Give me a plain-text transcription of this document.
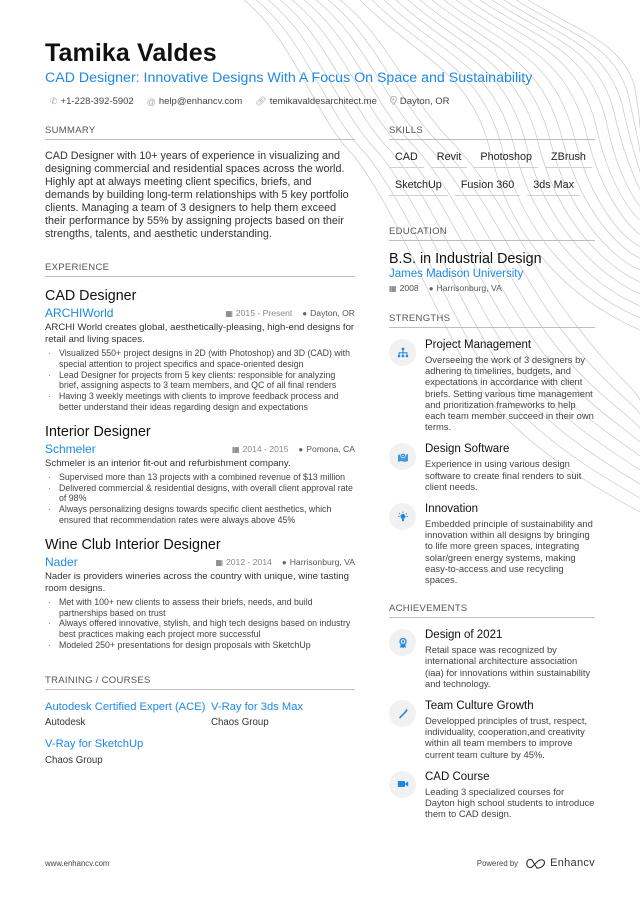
Tamika Valdes
CAD Designer: Innovative Designs With A Focus On Space and Sustainability
✆ +1-228-392-5902 @ help@enhancv.com 🔗︎ temikavaldesarchitect.me Dayton, OR
SUMMARY

CAD Designer with 10+ years of experience in visualizing and designing commercial and residential spaces across the world. Highly apt at always meeting client specifics, briefs, and demands by building long-term relationships with 5 key portfolio clients. Managing a team of 3 designers to help them exceed their performance by 55% by assigning projects based on their strengths, talents, and aesthetic understanding.

EXPERIENCE
CAD Designer
ARCHIWorld	▦ 2015 - Present ● Dayton, OR
ARCHI World creates global, aesthetically-pleasing, high-end designs for retail and living spaces.
· Visualized 550+ project designs in 2D (with Photoshop) and 3D (CAD) with special attention to project specifics and space-oriented design
· Lead Designer for projects from 5 key clients: responsible for analyzing brief, assigning aspects to 3 team members, and QC of all final renders
· Having 3 weekly meetings with clients to improve feedback process and better understand their ideas regarding design and expectations
Interior Designer
Schmeler	▦ 2014 - 2015 ● Pomona, CA
Schmeler is an interior fit-out and refurbishment company.
· Supervised more than 13 projects with a combined revenue of $13 million
· Delivered commercial & residential designs, with overall client approval rate of 98%
· Always personalizing designs towards specific client aesthetics, which ensured that recommendation rates were always above 45%
Wine Club Interior Designer
Nader	▦ 2012 - 2014 ● Harrisonburg, VA
Nader is providers wineries across the country with unique, wine tasting room designs.
· Met with 100+ new clients to assess their briefs, needs, and build partnerships based on trust
· Always offered innovative, stylish, and high tech designs based on industry best practices making each project more successful
· Modeled 250+ presentations for design proposals with SketchUp
TRAINING / COURSES
Autodesk Certified Expert (ACE)
Autodesk
V-Ray for 3ds Max
Chaos Group
V-Ray for SketchUp
Chaos Group
SKILLS
CAD	Revit	Photoshop	ZBrush
SketchUp	Fusion 360	3ds Max
EDUCATION
B.S. in Industrial Design
James Madison University
▦ 2008 ● Harrisonburg, VA
STRENGTHS
Project Management
Overseeing the work of 3 designers by adhering to timelines, budgets, and expectations in accordance with client briefs. Setting various time management and prioritization frameworks to help each team member succeed in their own terms.
Design Software
Experience in using various design software to create final renders to suit client needs.
Innovation
Embedded principle of sustainability and innovation within all designs by bringing to life more green spaces, integrating solar/green energy systems, making easy-to-access and use recycling spaces.
ACHIEVEMENTS
Design of 2021
Retail space was recognized by international architecture association (iaa) for innovations within sustainability and technology.
Team Culture Growth
Developped principles of trust, respect, individuality, cooperation,and creativity within all team members to improve current team culture by 45%.
CAD Course
Leading 3 specialized courses for Dayton high school students to introduce them to CAD design.
www.enhancv.com	Powered by	Enhancv
